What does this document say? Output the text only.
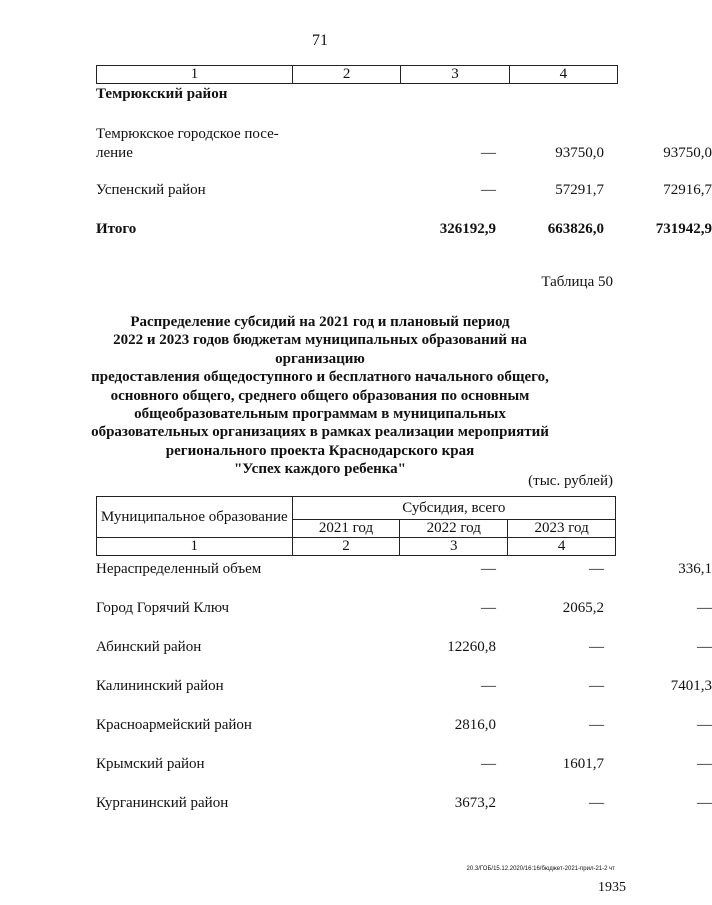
71
1	2	3	4
Темрюкский район
Темрюкское городское посе-
ление	—	93750,0	93750,0
Успенский район	—	57291,7	72916,7
Итого	326192,9	663826,0	731942,9
Таблица 50
Распределение субсидий на 2021 год и плановый период
2022 и 2023 годов бюджетам муниципальных образований на организацию
предоставления общедоступного и бесплатного начального общего,
основного общего, среднего общего образования по основным
общеобразовательным программам в муниципальных
образовательных организациях в рамках реализации мероприятий
регионального проекта Краснодарского края
"Успех каждого ребенка"
(тыс. рублей)
Муниципальное образование	Субсидия, всего		
	2021 год	2022 год	2023 год
1	2	3	4
Нераспределенный объем	—	—	336,1
Город Горячий Ключ	—	2065,2	—
Абинский район	12260,8	—	—
Калининский район	—	—	7401,3
Красноармейский район	2816,0	—	—
Крымский район	—	1601,7	—
Курганинский район	3673,2	—	—
20.3/ГОБ/15.12.2020/16:16/бюджет-2021-прил-21-2 чт
1935
